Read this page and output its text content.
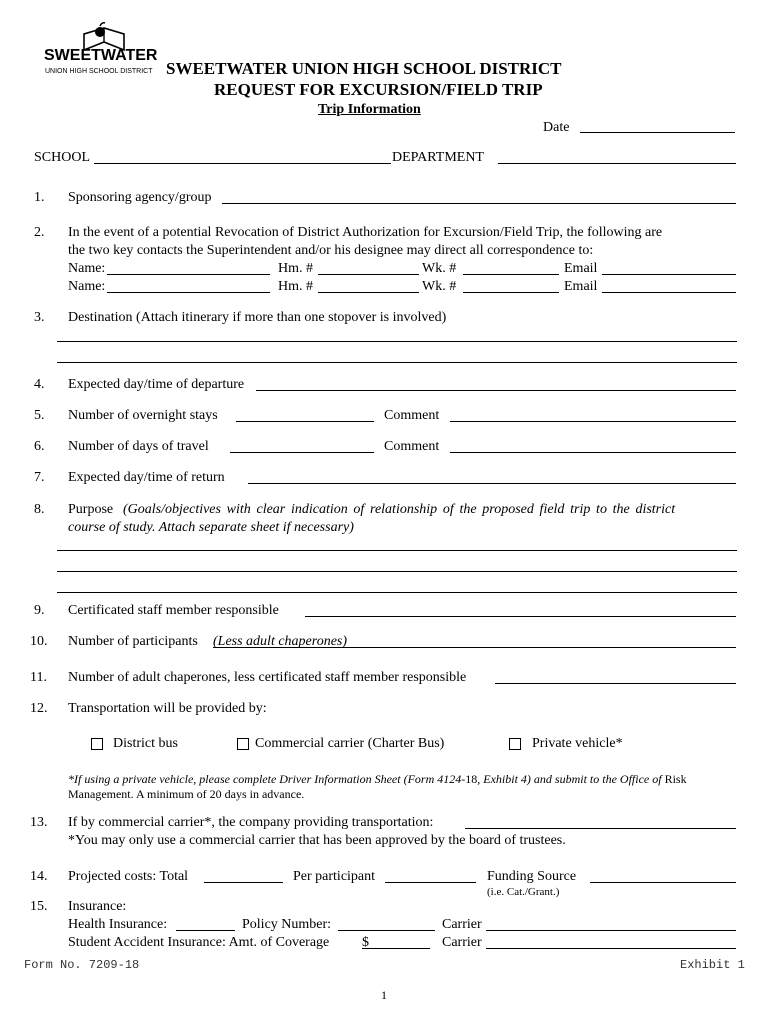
SWEETWATER
UNION HIGH SCHOOL DISTRICT SWEETWATER UNION HIGH SCHOOL DISTRICT
REQUEST FOR EXCURSION/FIELD TRIP
Trip Information
Date
SCHOOL	DEPARTMENT
1. Sponsoring agency/group
2. In the event of a potential Revocation of District Authorization for Excursion/Field Trip, the following are
the two key contacts the Superintendent and/or his designee may direct all correspondence to:
Name:	Hm. #	Wk. #	Email
Name:	Hm. #	Wk. #	Email
3. Destination (Attach itinerary if more than one stopover is involved)
4. Expected day/time of departure
5. Number of overnight stays	Comment
6. Number of days of travel	Comment
7. Expected day/time of return
8. Purpose (Goals/objectives with clear indication of relationship of the proposed field trip to the district
course of study. Attach separate sheet if necessary)
9. Certificated staff member responsible
10. Number of participants (Less adult chaperones)
11. Number of adult chaperones, less certificated staff member responsible
12. Transportation will be provided by:
District bus	Commercial carrier (Charter Bus)	Private vehicle*
*If using a private vehicle, please complete Driver Information Sheet (Form 4124-18, Exhibit 4) and submit to the Office of Risk
Management. A minimum of 20 days in advance.
13. If by commercial carrier*, the company providing transportation:
*You may only use a commercial carrier that has been approved by the board of trustees.
14. Projected costs: Total	Per participant	Funding Source
(i.e. Cat./Grant.)
15. Insurance:
Health Insurance:	Policy Number:	Carrier
Student Accident Insurance: Amt. of Coverage $	Carrier
Form No. 7209-18	Exhibit 1
1
